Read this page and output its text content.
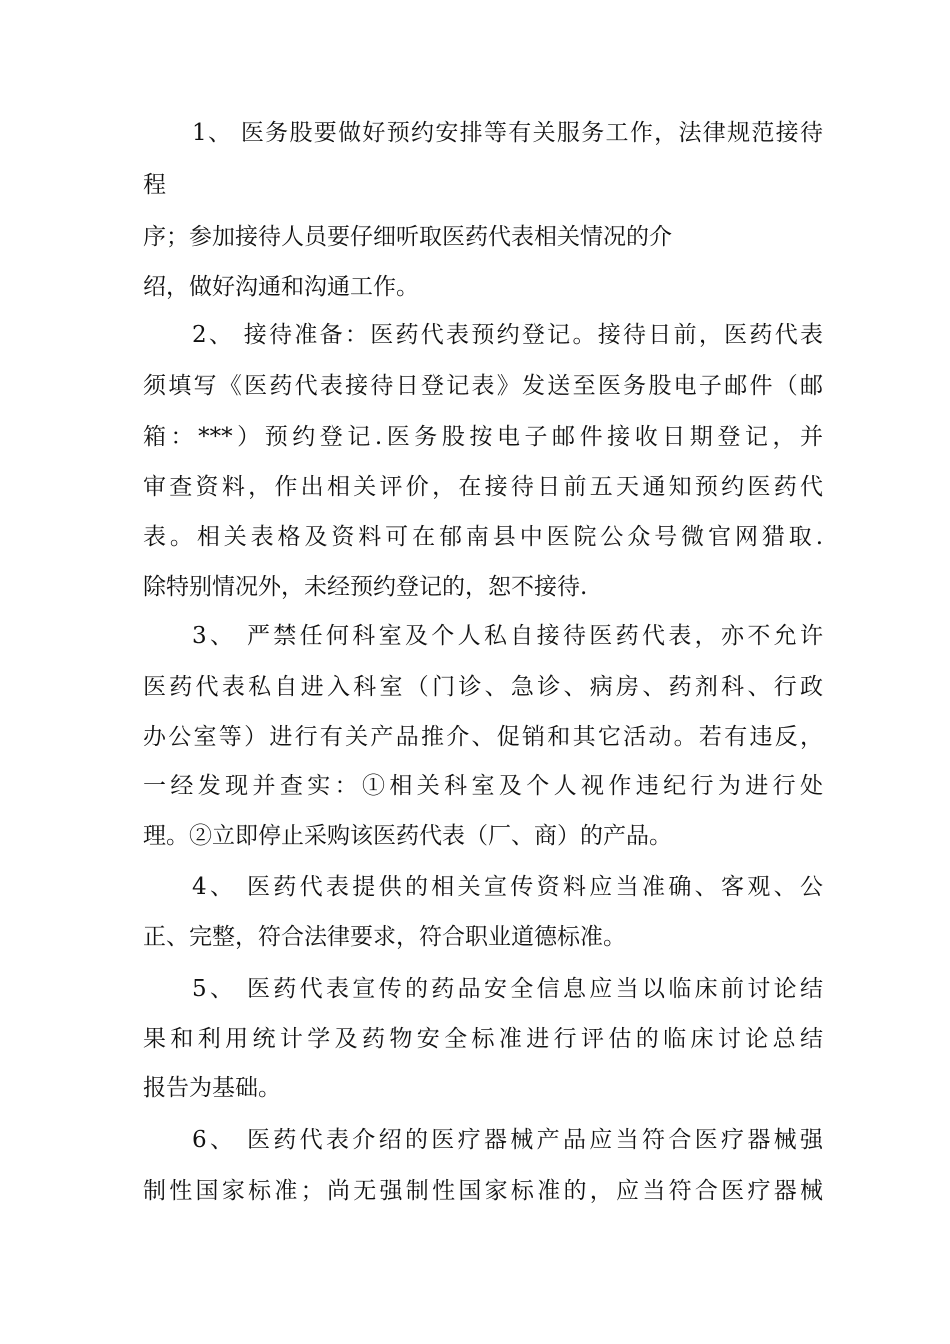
1、 医务股要做好预约安排等有关服务工作，法律规范接待
程
序；参加接待人员要仔细听取医药代表相关情况的介
绍，做好沟通和沟通工作。
2、 接待准备：医药代表预约登记。接待日前，医药代表
须填写《医药代表接待日登记表》发送至医务股电子邮件（邮
箱：***）预约登记.医务股按电子邮件接收日期登记，并
审查资料，作出相关评价，在接待日前五天通知预约医药代
表。相关表格及资料可在郁南县中医院公众号微官网猎取.
除特别情况外，未经预约登记的，恕不接待.
3、 严禁任何科室及个人私自接待医药代表，亦不允许
医药代表私自进入科室（门诊、急诊、病房、药剂科、行政
办公室等）进行有关产品推介、促销和其它活动。若有违反，
一经发现并查实：①相关科室及个人视作违纪行为进行处
理。②立即停止采购该医药代表（厂、商）的产品。
4、 医药代表提供的相关宣传资料应当准确、客观、公
正、完整，符合法律要求，符合职业道德标准。
5、 医药代表宣传的药品安全信息应当以临床前讨论结
果和利用统计学及药物安全标准进行评估的临床讨论总结
报告为基础。
6、 医药代表介绍的医疗器械产品应当符合医疗器械强
制性国家标准；尚无强制性国家标准的，应当符合医疗器械
